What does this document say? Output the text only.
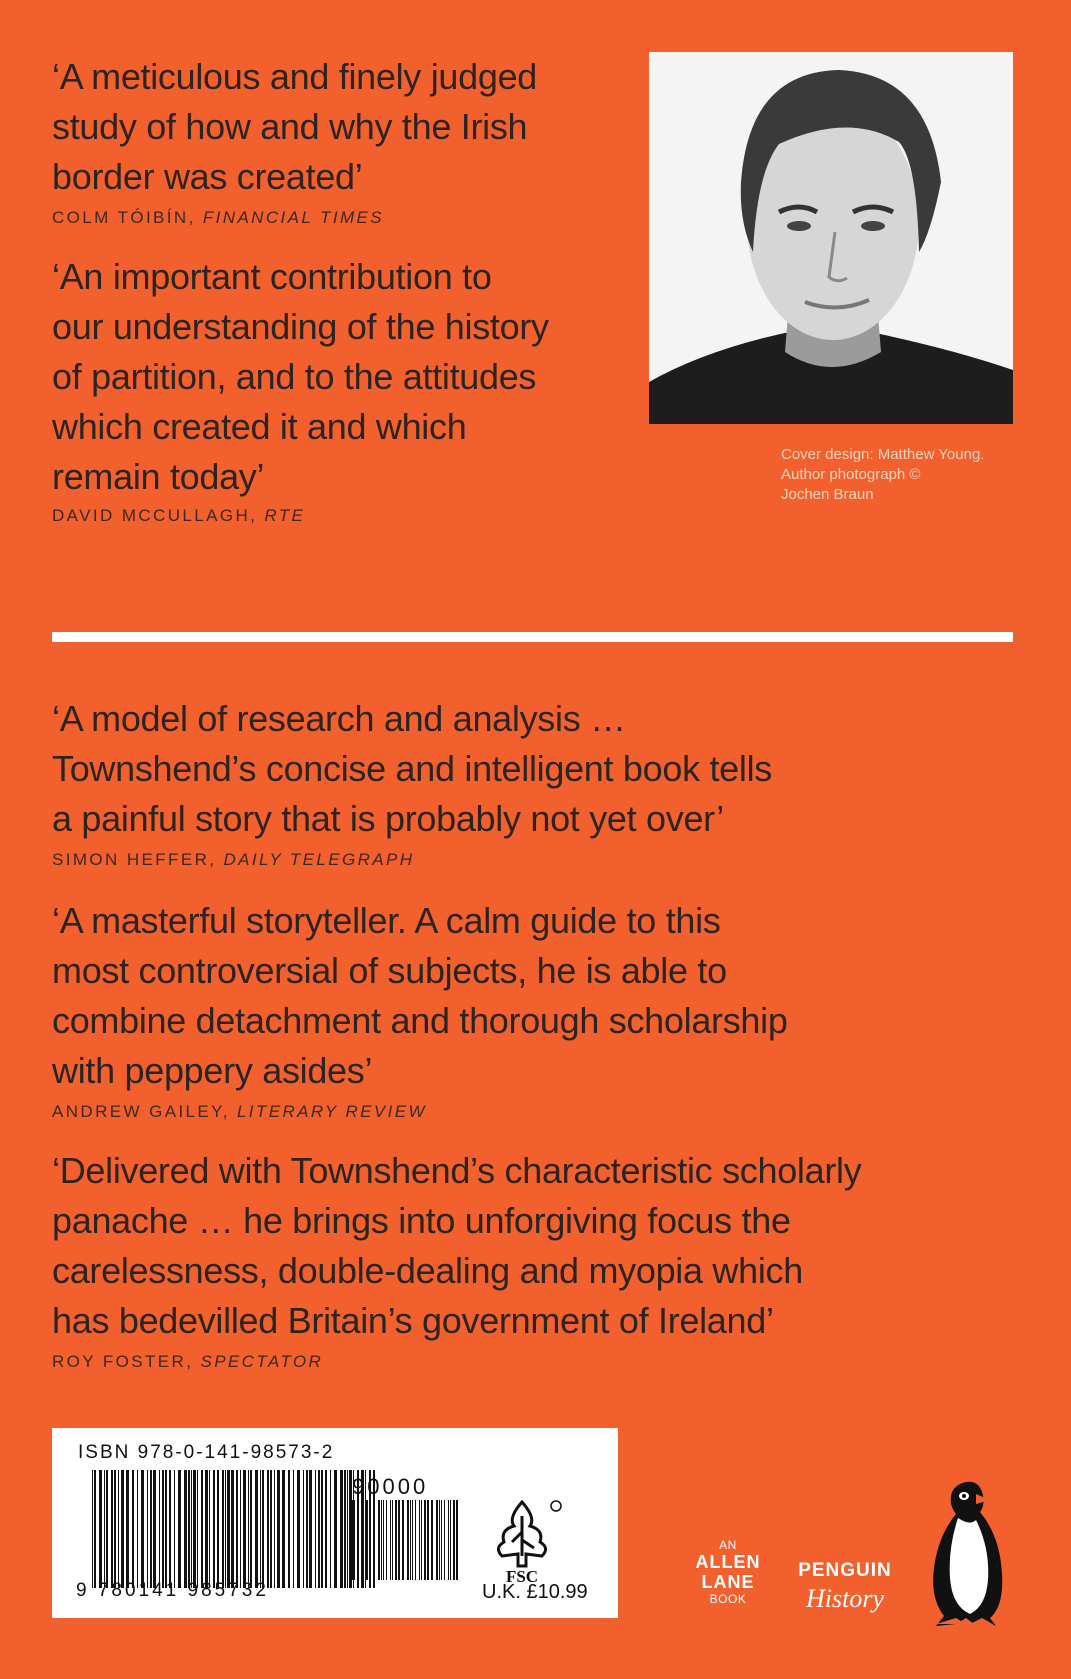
‘A meticulous and finely judged
study of how and why the Irish
border was created’
COLM TÓIBÍN, FINANCIAL TIMES
‘An important contribution to
our understanding of the history
of partition, and to the attitudes
which created it and which
remain today’
DAVID MCCULLAGH, RTE
Cover design: Matthew Young.
Author photograph ©
Jochen Braun
‘A model of research and analysis …
Townshend’s concise and intelligent book tells
a painful story that is probably not yet over’
SIMON HEFFER, DAILY TELEGRAPH
‘A masterful storyteller. A calm guide to this
most controversial of subjects, he is able to
combine detachment and thorough scholarship
with peppery asides’
ANDREW GAILEY, LITERARY REVIEW
‘Delivered with Townshend’s characteristic scholarly
panache … he brings into unforgiving focus the
carelessness, double-dealing and myopia which
has bedevilled Britain’s government of Ireland’
ROY FOSTER, SPECTATOR
ISBN 978-0-141-98573-2
9 780141 985732
90000
FSC
U.K. £10.99
AN
ALLEN
LANE
BOOK
PENGUIN
History
